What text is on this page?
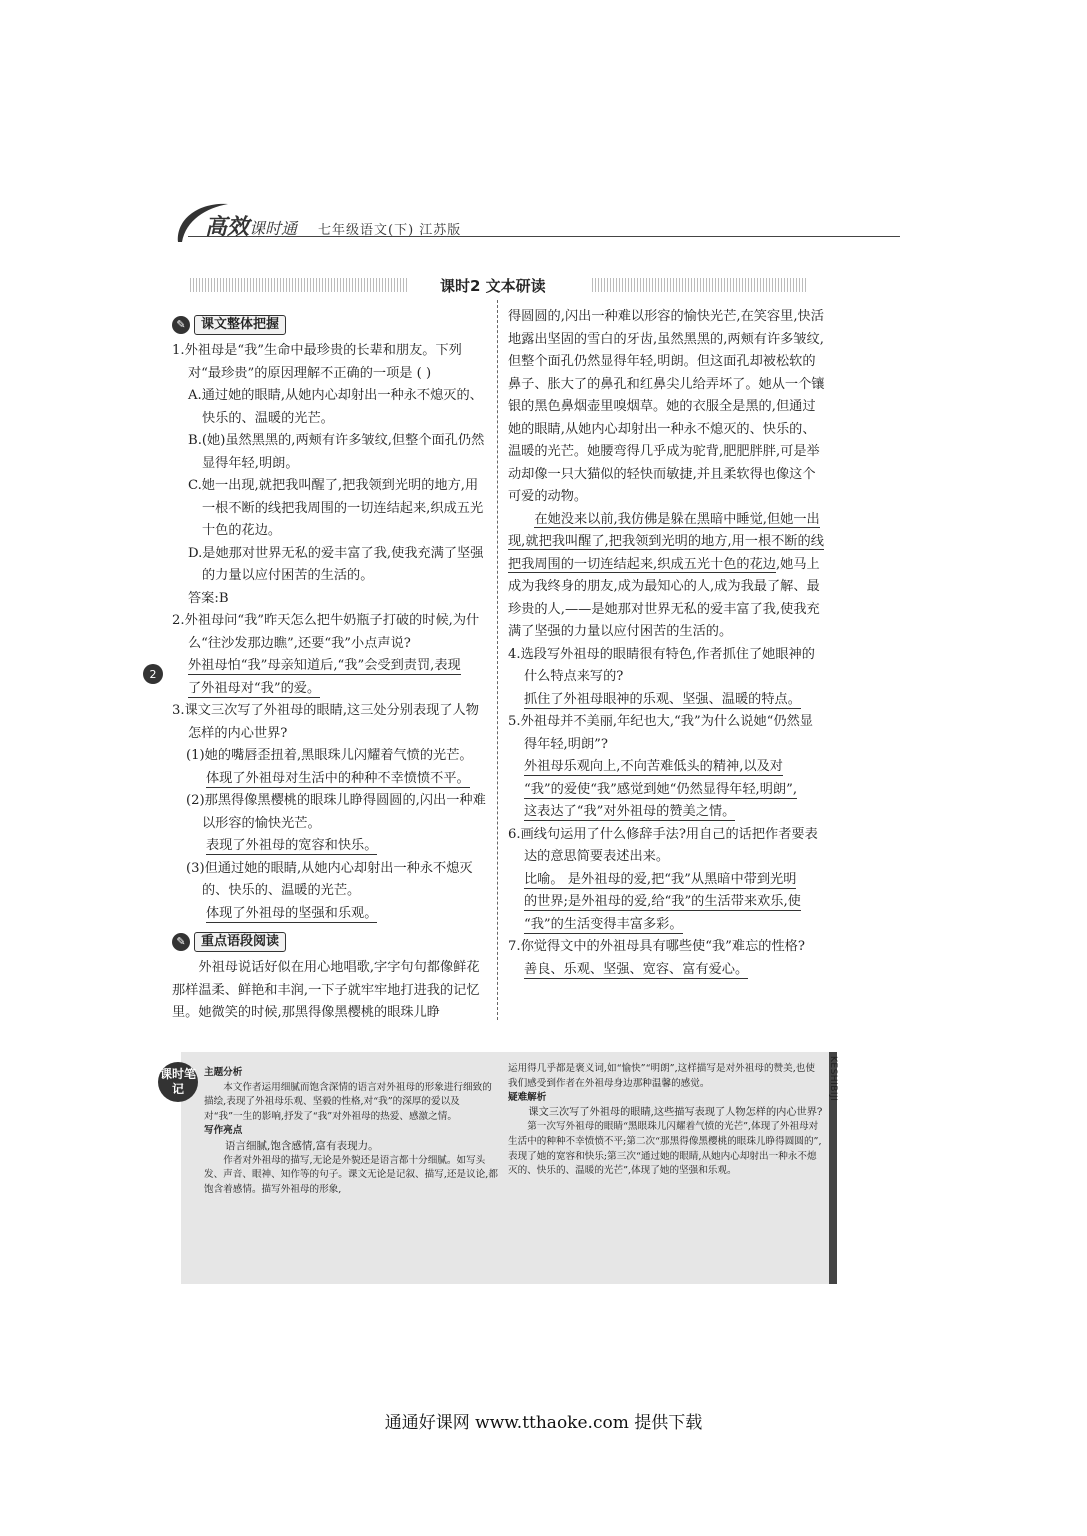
高效课时通 七年级语文(下) 江苏版
课时2 文本研读
2
✎	课文整体把握

1.外祖母是“我”生命中最珍贵的长辈和朋友。下列对“最珍贵”的原因理解不正确的一项是 ( )

A.通过她的眼睛,从她内心却射出一种永不熄灭的、快乐的、温暖的光芒。

B.(她)虽然黑黑的,两颊有许多皱纹,但整个面孔仍然显得年轻,明朗。

C.她一出现,就把我叫醒了,把我领到光明的地方,用一根不断的线把我周围的一切连结起来,织成五光十色的花边。

D.是她那对世界无私的爱丰富了我,使我充满了坚强的力量以应付困苦的生活的。

答案:B

2.外祖母问“我”昨天怎么把牛奶瓶子打破的时候,为什么“往沙发那边瞧”,还要“我”小点声说?

外祖母怕“我”母亲知道后,“我”会受到责罚,表现

了外祖母对“我”的爱。

3.课文三次写了外祖母的眼睛,这三处分别表现了人物怎样的内心世界?

(1)她的嘴唇歪扭着,黑眼珠儿闪耀着气愤的光芒。

体现了外祖母对生活中的种种不幸愤愤不平。

(2)那黑得像黑樱桃的眼珠儿睁得圆圆的,闪出一种难以形容的愉快光芒。

表现了外祖母的宽容和快乐。

(3)但通过她的眼睛,从她内心却射出一种永不熄灭的、快乐的、温暖的光芒。

体现了外祖母的坚强和乐观。

✎	重点语段阅读

外祖母说话好似在用心地唱歌,字字句句都像鲜花那样温柔、鲜艳和丰润,一下子就牢牢地打进我的记忆里。她微笑的时候,那黑得像黑樱桃的眼珠儿睁

得圆圆的,闪出一种难以形容的愉快光芒,在笑容里,快活地露出坚固的雪白的牙齿,虽然黑黑的,两颊有许多皱纹,但整个面孔仍然显得年轻,明朗。但这面孔却被松软的鼻子、胀大了的鼻孔和红鼻尖儿给弄坏了。她从一个镶银的黑色鼻烟壶里嗅烟草。她的衣服全是黑的,但通过她的眼睛,从她内心却射出一种永不熄灭的、快乐的、温暖的光芒。她腰弯得几乎成为驼背,肥肥胖胖,可是举动却像一只大猫似的轻快而敏捷,并且柔软得也像这个可爱的动物。

在她没来以前,我仿佛是躲在黑暗中睡觉,但她一出现,就把我叫醒了,把我领到光明的地方,用一根不断的线把我周围的一切连结起来,织成五光十色的花边,她马上成为我终身的朋友,成为最知心的人,成为我最了解、最珍贵的人,——是她那对世界无私的爱丰富了我,使我充满了坚强的力量以应付困苦的生活的。

4.选段写外祖母的眼睛很有特色,作者抓住了她眼神的什么特点来写的?

抓住了外祖母眼神的乐观、坚强、温暖的特点。

5.外祖母并不美丽,年纪也大,“我”为什么说她“仍然显得年轻,明朗”?

外祖母乐观向上,不向苦难低头的精神,以及对

“我”的爱使“我”感觉到她“仍然显得年轻,明朗”,

这表达了“我”对外祖母的赞美之情。

6.画线句运用了什么修辞手法?用自己的话把作者要表达的意思简要表述出来。

比喻。 是外祖母的爱,把“我”从黑暗中带到光明

的世界;是外祖母的爱,给“我”的生活带来欢乐,使

“我”的生活变得丰富多彩。

7.你觉得文中的外祖母具有哪些使“我”难忘的性格?

善良、乐观、坚强、宽容、富有爱心。

KESHIBIJI
课时笔记

主题分析

本文作者运用细腻而饱含深情的语言对外祖母的形象进行细致的描绘,表现了外祖母乐观、坚毅的性格,对“我”的深厚的爱以及对“我”一生的影响,抒发了“我”对外祖母的热爱、感激之情。

写作亮点

语言细腻,饱含感情,富有表现力。

作者对外祖母的描写,无论是外貌还是语言都十分细腻。如写头发、声音、眼神、知作等的句子。课文无论是记叙、描写,还是议论,都饱含着感情。描写外祖母的形象,

运用得几乎都是褒义词,如“愉快”“明朗”,这样描写是对外祖母的赞美,也使我们感受到作者在外祖母身边那种温馨的感觉。

疑难解析

课文三次写了外祖母的眼睛,这些描写表现了人物怎样的内心世界?

第一次写外祖母的眼睛“黑眼珠儿闪耀着气愤的光芒”,体现了外祖母对生活中的种种不幸愤愤不平;第二次“那黑得像黑樱桃的眼珠儿睁得圆圆的”,表现了她的宽容和快乐;第三次“通过她的眼睛,从她内心却射出一种永不熄灭的、快乐的、温暖的光芒”,体现了她的坚强和乐观。

通通好课网 www.tthaoke.com 提供下载
